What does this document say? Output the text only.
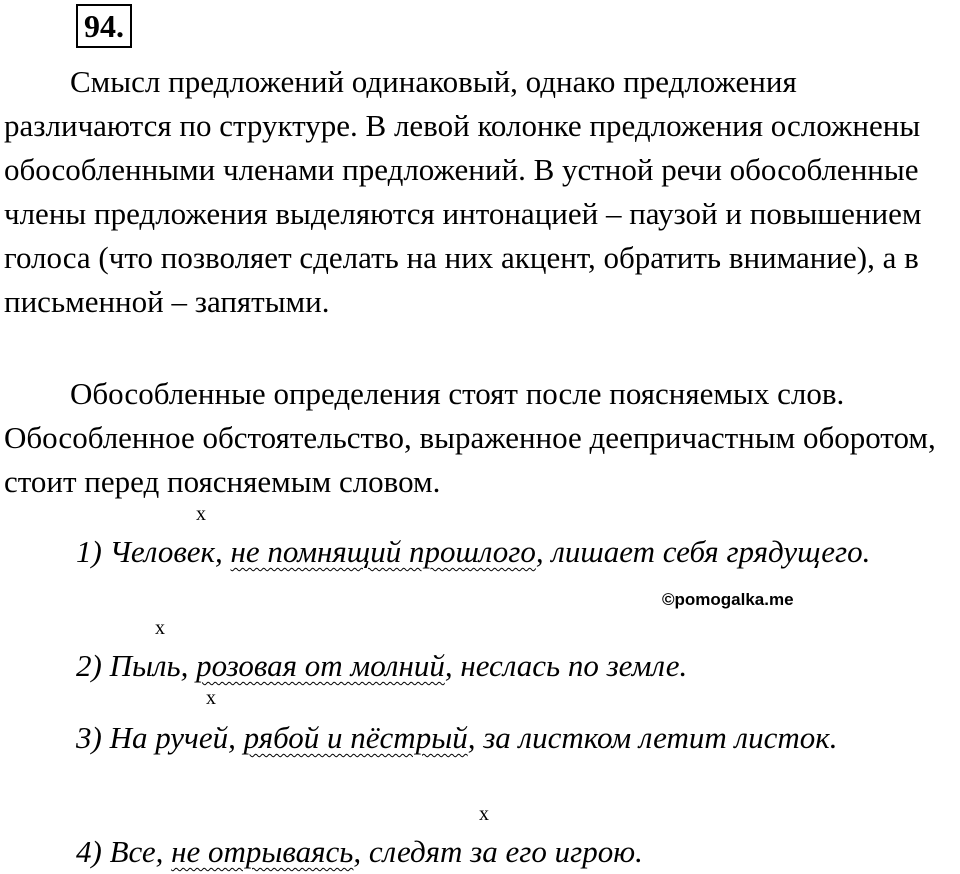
94.

Смысл предложений одинаковый, однако предложения различаются по структуре. В левой колонке предложения осложнены обособленными членами предложений. В устной речи обособленные члены предложения выделяются интонацией – паузой и повышением голоса (что позволяет сделать на них акцент, обратить внимание), а в письменной – запятыми.

Обособленные определения стоят после поясняемых слов. Обособленное обстоятельство, выраженное деепричастным оборотом, стоит перед поясняемым словом.

х

1) Человек, не помнящий прошлого, лишает себя грядущего.

©pomogalka.me
х

2) Пыль, розовая от молний, неслась по земле.

х

3) На ручей, рябой и пёстрый, за листком летит листок.

х

4) Все, не отрываясь, следят за его игрою.
